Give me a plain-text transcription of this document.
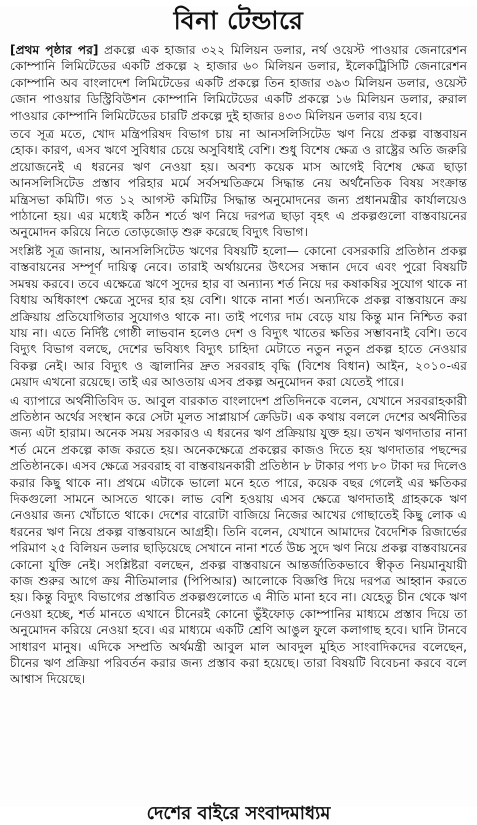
বিনা টেন্ডারে

[প্রথম পৃষ্ঠার পর] প্রকল্পে এক হাজার ৩২২ মিলিয়ন ডলার, নর্থ ওয়েস্ট পাওয়ার জেনারেশন কোম্পানি লিমিটেডের একটি প্রকল্পে ২ হাজার ৬০ মিলিয়ন ডলার, ইলেকট্রিসিটি জেনারেশন কোম্পানি অব বাংলাদেশ লিমিটেডের একটি প্রকল্পে তিন হাজার ৩৯৩ মিলিয়ন ডলার, ওয়েস্ট জোন পাওয়ার ডিস্ট্রিবিউশন কোম্পানি লিমিটেডের একটি প্রকল্পে ১৬ মিলিয়ন ডলার, রুরাল পাওয়ার কোম্পানি লিমিটেডের চারটি প্রকল্পে দুই হাজার ৪৩৩ মিলিয়ন ডলার ব্যয় হবে।

তবে সূত্র মতে, খোদ মন্ত্রিপরিষদ বিভাগ চায় না আনসলিসিটেড ঋণ নিয়ে প্রকল্প বাস্তবায়ন হোক। কারণ, এসব ঋণে সুবিধার চেয়ে অসুবিধাই বেশি। শুধু বিশেষ ক্ষেত্র ও রাষ্ট্রের অতি জরুরি প্রয়োজনেই এ ধরনের ঋণ নেওয়া হয়। অবশ্য কয়েক মাস আগেই বিশেষ ক্ষেত্র ছাড়া আনসলিসিটেড প্রস্তাব পরিহার মর্মে সর্বসম্মতিক্রমে সিদ্ধান্ত নেয় অর্থনৈতিক বিষয় সংক্রান্ত মন্ত্রিসভা কমিটি। গত ১২ আগস্ট কমিটির সিদ্ধান্ত অনুমোদনের জন্য প্রধানমন্ত্রীর কার্যালয়েও পাঠানো হয়। এর মধ্যেই কঠিন শর্তে ঋণ নিয়ে দরপত্র ছাড়া বৃহৎ এ প্রকল্পগুলো বাস্তবায়নের অনুমোদন করিয়ে নিতে তোড়জোড় শুরু করেছে বিদ্যুৎ বিভাগ।

সংশ্লিষ্ট সূত্র জানায়, আনসলিসিটেড ঋণের বিষয়টি হলো— কোনো বেসরকারি প্রতিষ্ঠান প্রকল্প বাস্তবায়নের সম্পূর্ণ দায়িত্ব নেবে। তারাই অর্থায়নের উৎসের সন্ধান দেবে এবং পুরো বিষয়টি সমন্বয় করবে। তবে এক্ষেত্রে ঋণে সুদের হার বা অন্যান্য শর্ত নিয়ে দর কষাকষির সুযোগ থাকে না বিধায় অধিকাংশ ক্ষেত্রে সুদের হার হয় বেশি। থাকে নানা শর্ত। অন্যদিকে প্রকল্প বাস্তবায়নে ক্রয় প্রক্রিয়ায় প্রতিযোগিতার সুযোগও থাকে না। তাই পণ্যের দাম বেড়ে যায় কিন্তু মান নিশ্চিত করা যায় না। এতে নির্দিষ্ট গোষ্ঠী লাভবান হলেও দেশ ও বিদ্যুৎ খাতের ক্ষতির সম্ভাবনাই বেশি। তবে বিদ্যুৎ বিভাগ বলছে, দেশের ভবিষ্যৎ বিদ্যুৎ চাহিদা মেটাতে নতুন নতুন প্রকল্প হাতে নেওয়ার বিকল্প নেই। আর বিদ্যুৎ ও জ্বালানির দ্রুত সরবরাহ বৃদ্ধি (বিশেষ বিধান) আইন, ২০১০-এর মেয়াদ এখনো রয়েছে। তাই এর আওতায় এসব প্রকল্প অনুমোদন করা যেতেই পারে।

এ ব্যাপারে অর্থনীতিবিদ ড. আবুল বারকাত বাংলাদেশ প্রতিদিনকে বলেন, যেখানে সরবরাহকারী প্রতিষ্ঠান অর্থের সংস্থান করে সেটা মূলত সাপ্লায়ার্স ক্রেডিট। এক কথায় বললে দেশের অর্থনীতির জন্য এটা হারাম। অনেক সময় সরকারও এ ধরনের ঋণ প্রক্রিয়ায় যুক্ত হয়। তখন ঋণদাতার নানা শর্ত মেনে প্রকল্পে কাজ করতে হয়। অনেকক্ষেত্রে প্রকল্পের কাজও দিতে হয় ঋণদাতার পছন্দের প্রতিষ্ঠানকে। এসব ক্ষেত্রে সরবরাহ বা বাস্তবায়নকারী প্রতিষ্ঠান ৮ টাকার পণ্য ৮০ টাকা দর দিলেও করার কিছু থাকে না। প্রথমে এটাকে ভালো মনে হতে পারে, কয়েক বছর গেলেই এর ক্ষতিকর দিকগুলো সামনে আসতে থাকে। লাভ বেশি হওয়ায় এসব ক্ষেত্রে ঋণদাতাই গ্রাহককে ঋণ নেওয়ার জন্য খোঁচাতে থাকে। দেশের বারোটা বাজিয়ে নিজের আখের গোছাতেই কিছু লোক এ ধরনের ঋণ নিয়ে প্রকল্প বাস্তবায়নে আগ্রহী। তিনি বলেন, যেখানে আমাদের বৈদেশিক রিজার্ভের পরিমাণ ২৫ বিলিয়ন ডলার ছাড়িয়েছে সেখানে নানা শর্তে উচ্চ সুদে ঋণ নিয়ে প্রকল্প বাস্তবায়নের কোনো যুক্তি নেই। সংশ্লিষ্টরা বলছেন, প্রকল্প বাস্তবায়নে আন্তর্জাতিকভাবে স্বীকৃত নিয়মানুযায়ী কাজ শুরুর আগে ক্রয় নীতিমালার (পিপিআর) আলোকে বিজ্ঞপ্তি দিয়ে দরপত্র আহ্বান করতে হয়। কিন্তু বিদ্যুৎ বিভাগের প্রস্তাবিত প্রকল্পগুলোতে এ নীতি মানা হবে না। যেহেতু চীন থেকে ঋণ নেওয়া হচ্ছে, শর্ত মানতে এখানে চীনেরই কোনো ভুঁইফোড় কোম্পানির মাধ্যমে প্রস্তাব দিয়ে তা অনুমোদন করিয়ে নেওয়া হবে। এর মাধ্যমে একটি শ্রেণি আঙুল ফুলে কলাগাছ হবে। ঘানি টানবে সাধারণ মানুষ। এদিকে সম্প্রতি অর্থমন্ত্রী আবুল মাল আবদুল মুহিত সাংবাদিকদের বলেছেন, চীনের ঋণ প্রক্রিয়া পরিবর্তন করার জন্য প্রস্তাব করা হয়েছে। তারা বিষয়টি বিবেচনা করবে বলে আশ্বাস দিয়েছে।

দেশের বাইরে সংবাদমাধ্যম
